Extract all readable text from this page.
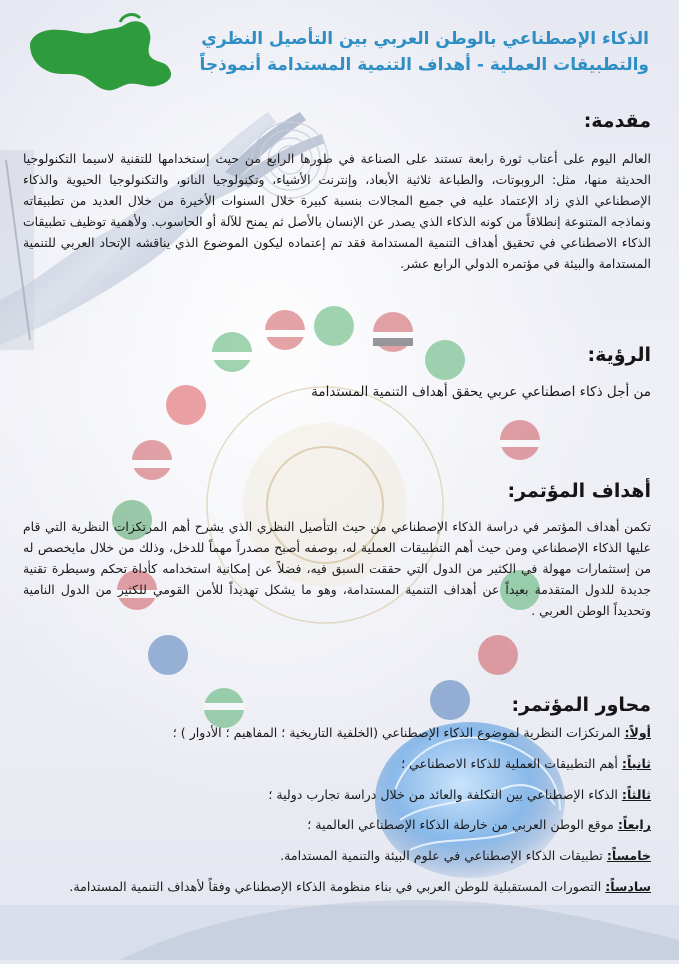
الذكاء الإصطناعي بالوطن العربي بين التأصيل النظري والتطبيقات العملية - أهداف التنمية المستدامة أنموذجاً
مقدمة:

العالم اليوم على أعتاب ثورة رابعة تستند على الصناعة في طورها الرابع من حيث إستخدامها للتقنية لاسيما التكنولوجيا الحديثة منها، مثل: الروبوتات، والطباعة ثلاثية الأبعاد، وإنترنت الأشياء، وتكنولوجيا النانو، والتكنولوجيا الحيوية والذكاء الإصطناعي الذي زاد الإعتماد عليه في جميع المجالات بنسبة كبيرة خلال السنوات الأخيرة من خلال العديد من تطبيقاته ونماذجه المتنوعة إنطلاقاً من كونه الذكاء الذي يصدر عن الإنسان بالأصل ثم يمنح للآلة أو الحاسوب. ولأهمية توظيف تطبيقات الذكاء الاصطناعي في تحقيق أهداف التنمية المستدامة فقد تم إعتماده ليكون الموضوع الذي يناقشه الإتحاد العربي للتنمية المستدامة والبيئة في مؤتمره الدولي الرابع عشر.

الرؤية:

من أجل ذكاء اصطناعي عربي يحقق أهداف التنمية المستدامة

أهداف المؤتمر:

تكمن أهداف المؤتمر في دراسة الذكاء الإصطناعي من حيث التأصيل النظري الذي يشرح أهم المرتكزات النظرية التي قام عليها الذكاء الإصطناعي ومن حيث أهم التطبيقات العملية له، بوصفه أصبح مصدراً مهماً للدخل، وذلك من خلال مايخصص له من إستثمارات مهولة في الكثير من الدول التي حققت السبق فيه، فضلاً عن إمكانية استخدامه كأداة تحكم وسيطرة تقنية جديدة للدول المتقدمة بعيداً عن أهداف التنمية المستدامة، وهو ما يشكل تهديداً للأمن القومي للكثير من الدول النامية وتحديداً الوطن العربي .

محاور المؤتمر:
أولاً:المرتكزات النظرية لموضوع الذكاء الإصطناعي (الخلفية التاريخية ؛ المفاهيم ؛ الأدوار ) ؛
ثانياً:أهم التطبيقات العملية للذكاء الاصطناعي ؛
ثالثاً:الذكاء الإصطناعي بين التكلفة والعائد من خلال دراسة تجارب دولية ؛
رابعاً:موقع الوطن العربي من خارطة الذكاء الإصطناعي العالمية ؛
خامساً:تطبيقات الذكاء الإصطناعي في علوم البيئة والتنمية المستدامة.
سادساً:التصورات المستقبلية للوطن العربي في بناء منظومة الذكاء الإصطناعي وفقاً لأهداف التنمية المستدامة.
